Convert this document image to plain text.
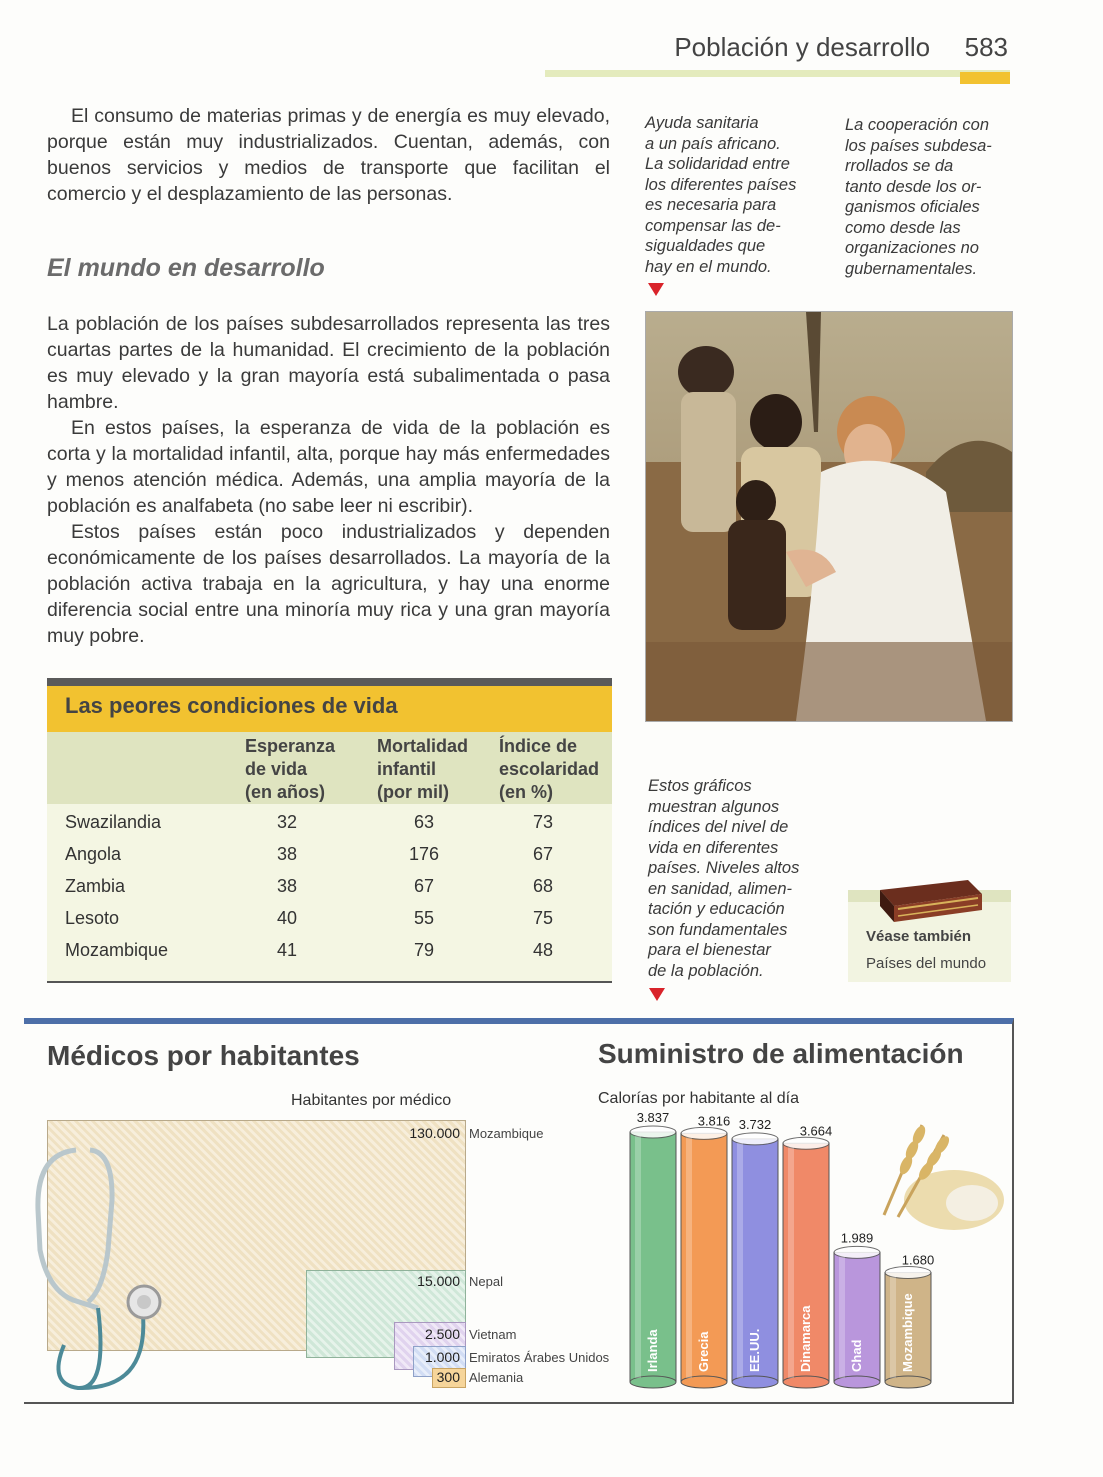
Población y desarrollo 583

El consumo de materias primas y de energía es muy elevado, porque están muy industrializados. Cuentan, además, con buenos servicios y medios de transporte que facilitan el comercio y el desplazamiento de las personas.

El mundo en desarrollo

La población de los países subdesarrollados representa las tres cuartas partes de la humanidad. El crecimiento de la población es muy elevado y la gran mayoría está subalimentada o pasa hambre.

En estos países, la esperanza de vida de la población es corta y la mortalidad infantil, alta, porque hay más enfermedades y menos atención médica. Además, una amplia mayoría de la población es analfabeta (no sabe leer ni escribir).

Estos países están poco industrializados y dependen económicamente de los países desarrollados. La mayoría de la población activa trabaja en la agricultura, y hay una enorme diferencia social entre una minoría muy rica y una gran mayoría muy pobre.

Ayuda sanitaria
a un país africano.
La solidaridad entre
los diferentes países
es necesaria para
compensar las de-
sigualdades que
hay en el mundo.
La cooperación con
los países subdesa-
rrollados se da
tanto desde los or-
ganismos oficiales
como desde las
organizaciones no
gubernamentales.
Las peores condiciones de vida
Esperanza
de vida
(en años)
Mortalidad
infantil
(por mil)
Índice de
escolaridad
(en %)
Swazilandia	32	63	73
Angola	38	176	67
Zambia	38	67	68
Lesoto	40	55	75
Mozambique	41	79	48
Estos gráficos
muestran algunos
índices del nivel de
vida en diferentes
países. Niveles altos
en sanidad, alimen-
tación y educación
son fundamentales
para el bienestar
de la población.
Véase también
Países del mundo
Médicos por habitantes
Habitantes por médico
130.000 Mozambique
15.000 Nepal
2.500 Vietnam
1.000 Emiratos Árabes Unidos
300 Alemania
Suministro de alimentación
Calorías por habitante al día
3.837
Irlanda
3.816
Grecia
3.732
EE.UU.
3.664
Dinamarca
1.989
Chad
1.680
Mozambique
